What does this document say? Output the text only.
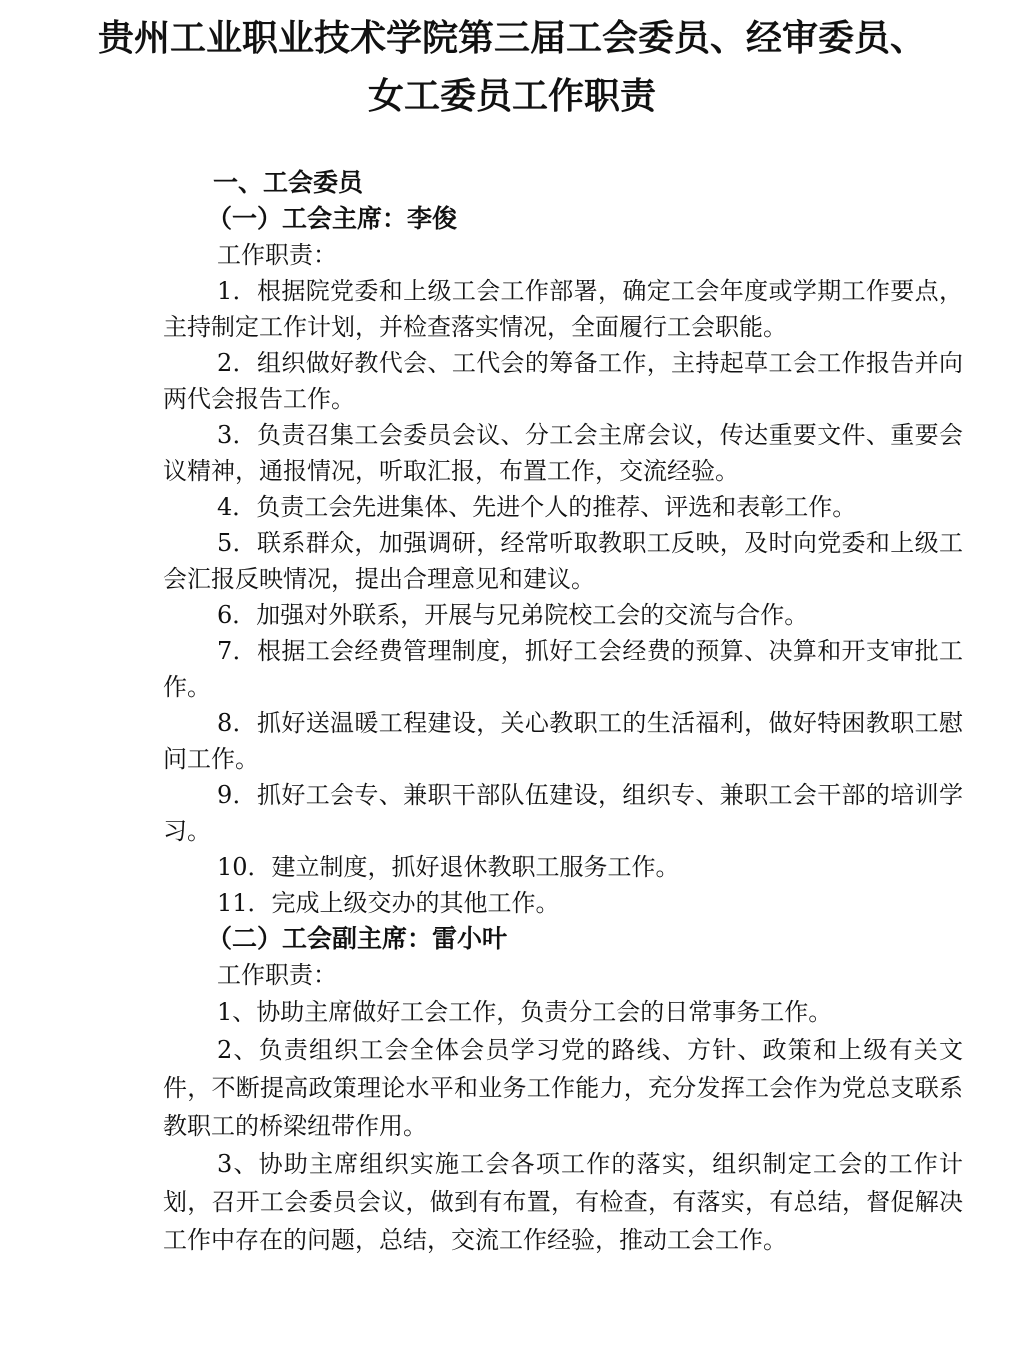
贵州工业职业技术学院第三届工会委员、经审委员、
女工委员工作职责

一、工会委员

（一）工会主席：李俊

工作职责：

1．根据院党委和上级工会工作部署，确定工会年度或学期工作要点，主持制定工作计划，并检查落实情况，全面履行工会职能。

2．组织做好教代会、工代会的筹备工作，主持起草工会工作报告并向两代会报告工作。

3．负责召集工会委员会议、分工会主席会议，传达重要文件、重要会议精神，通报情况，听取汇报，布置工作，交流经验。

4．负责工会先进集体、先进个人的推荐、评选和表彰工作。

5．联系群众，加强调研，经常听取教职工反映，及时向党委和上级工会汇报反映情况，提出合理意见和建议。

6．加强对外联系，开展与兄弟院校工会的交流与合作。

7．根据工会经费管理制度，抓好工会经费的预算、决算和开支审批工作。

8．抓好送温暖工程建设，关心教职工的生活福利，做好特困教职工慰问工作。

9．抓好工会专、兼职干部队伍建设，组织专、兼职工会干部的培训学习。

10．建立制度，抓好退休教职工服务工作。

11．完成上级交办的其他工作。

（二）工会副主席：雷小叶

工作职责：

1、协助主席做好工会工作，负责分工会的日常事务工作。

2、负责组织工会全体会员学习党的路线、方针、政策和上级有关文件，不断提高政策理论水平和业务工作能力，充分发挥工会作为党总支联系教职工的桥梁纽带作用。

3、协助主席组织实施工会各项工作的落实，组织制定工会的工作计划，召开工会委员会议，做到有布置，有检查，有落实，有总结，督促解决工作中存在的问题，总结，交流工作经验，推动工会工作。
